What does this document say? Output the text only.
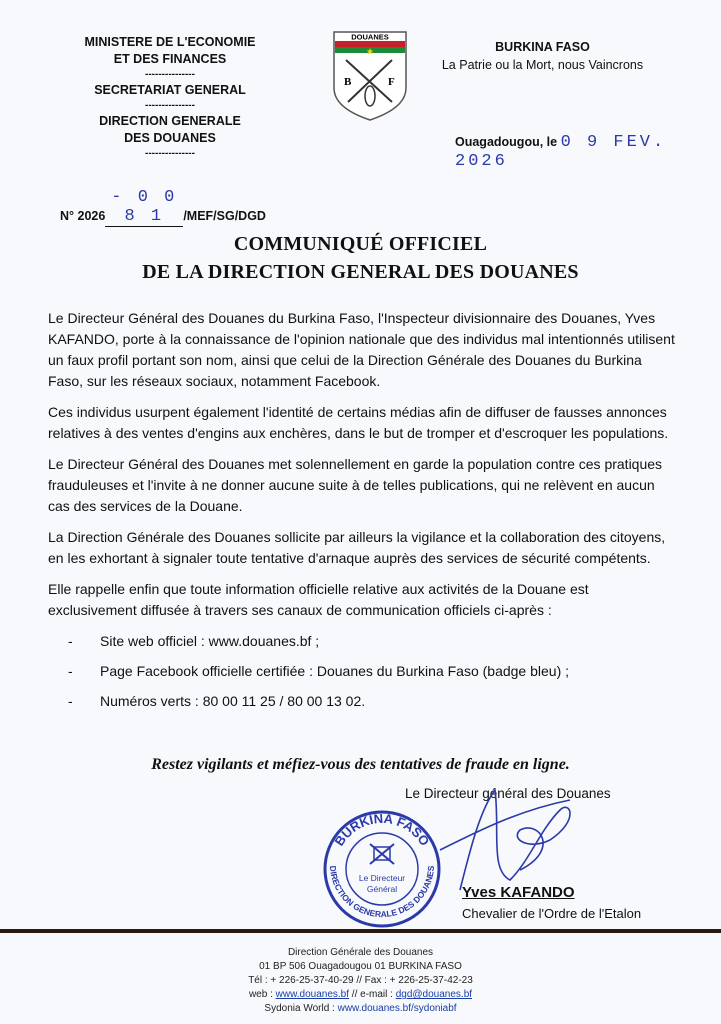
MINISTERE DE L'ECONOMIE
ET DES FINANCES
---------------
SECRETARIAT GENERAL
---------------
DIRECTION GENERALE
DES DOUANES
---------------
DOUANES
B	F
BURKINA FASO
La Patrie ou la Mort, nous Vaincrons
Ouagadougou, le 0 9 FEV. 2026
N° 2026- 0 0 8 1 /MEF/SG/DGD
COMMUNIQUÉ OFFICIEL
DE LA DIRECTION GENERAL DES DOUANES

Le Directeur Général des Douanes du Burkina Faso, l'Inspecteur divisionnaire des Douanes, Yves KAFANDO, porte à la connaissance de l'opinion nationale que des individus mal intentionnés utilisent un faux profil portant son nom, ainsi que celui de la Direction Générale des Douanes du Burkina Faso, sur les réseaux sociaux, notamment Facebook.

Ces individus usurpent également l'identité de certains médias afin de diffuser de fausses annonces relatives à des ventes d'engins aux enchères, dans le but de tromper et d'escroquer les populations.

Le Directeur Général des Douanes met solennellement en garde la population contre ces pratiques frauduleuses et l'invite à ne donner aucune suite à de telles publications, qui ne relèvent en aucun cas des services de la Douane.

La Direction Générale des Douanes sollicite par ailleurs la vigilance et la collaboration des citoyens, en les exhortant à signaler toute tentative d'arnaque auprès des services de sécurité compétents.

Elle rappelle enfin que toute information officielle relative aux activités de la Douane est exclusivement diffusée à travers ses canaux de communication officiels ci-après :

- Site web officiel : www.douanes.bf ;
- Page Facebook officielle certifiée : Douanes du Burkina Faso (badge bleu) ;
- Numéros verts : 80 00 11 25 / 80 00 13 02.
Restez vigilants et méfiez-vous des tentatives de fraude en ligne.
Le Directeur général des Douanes
BURKINA FASO
DIRECTION GENERALE DES DOUANES
Le Directeur
Général	Yves KAFANDO
Chevalier de l'Ordre de l'Etalon
Direction Générale des Douanes
01 BP 506 Ouagadougou 01 BURKINA FASO
Tél : + 226-25-37-40-29 // Fax : + 226-25-37-42-23
web : www.douanes.bf // e-mail : dgd@douanes.bf
Sydonia World : www.douanes.bf/sydoniabf
